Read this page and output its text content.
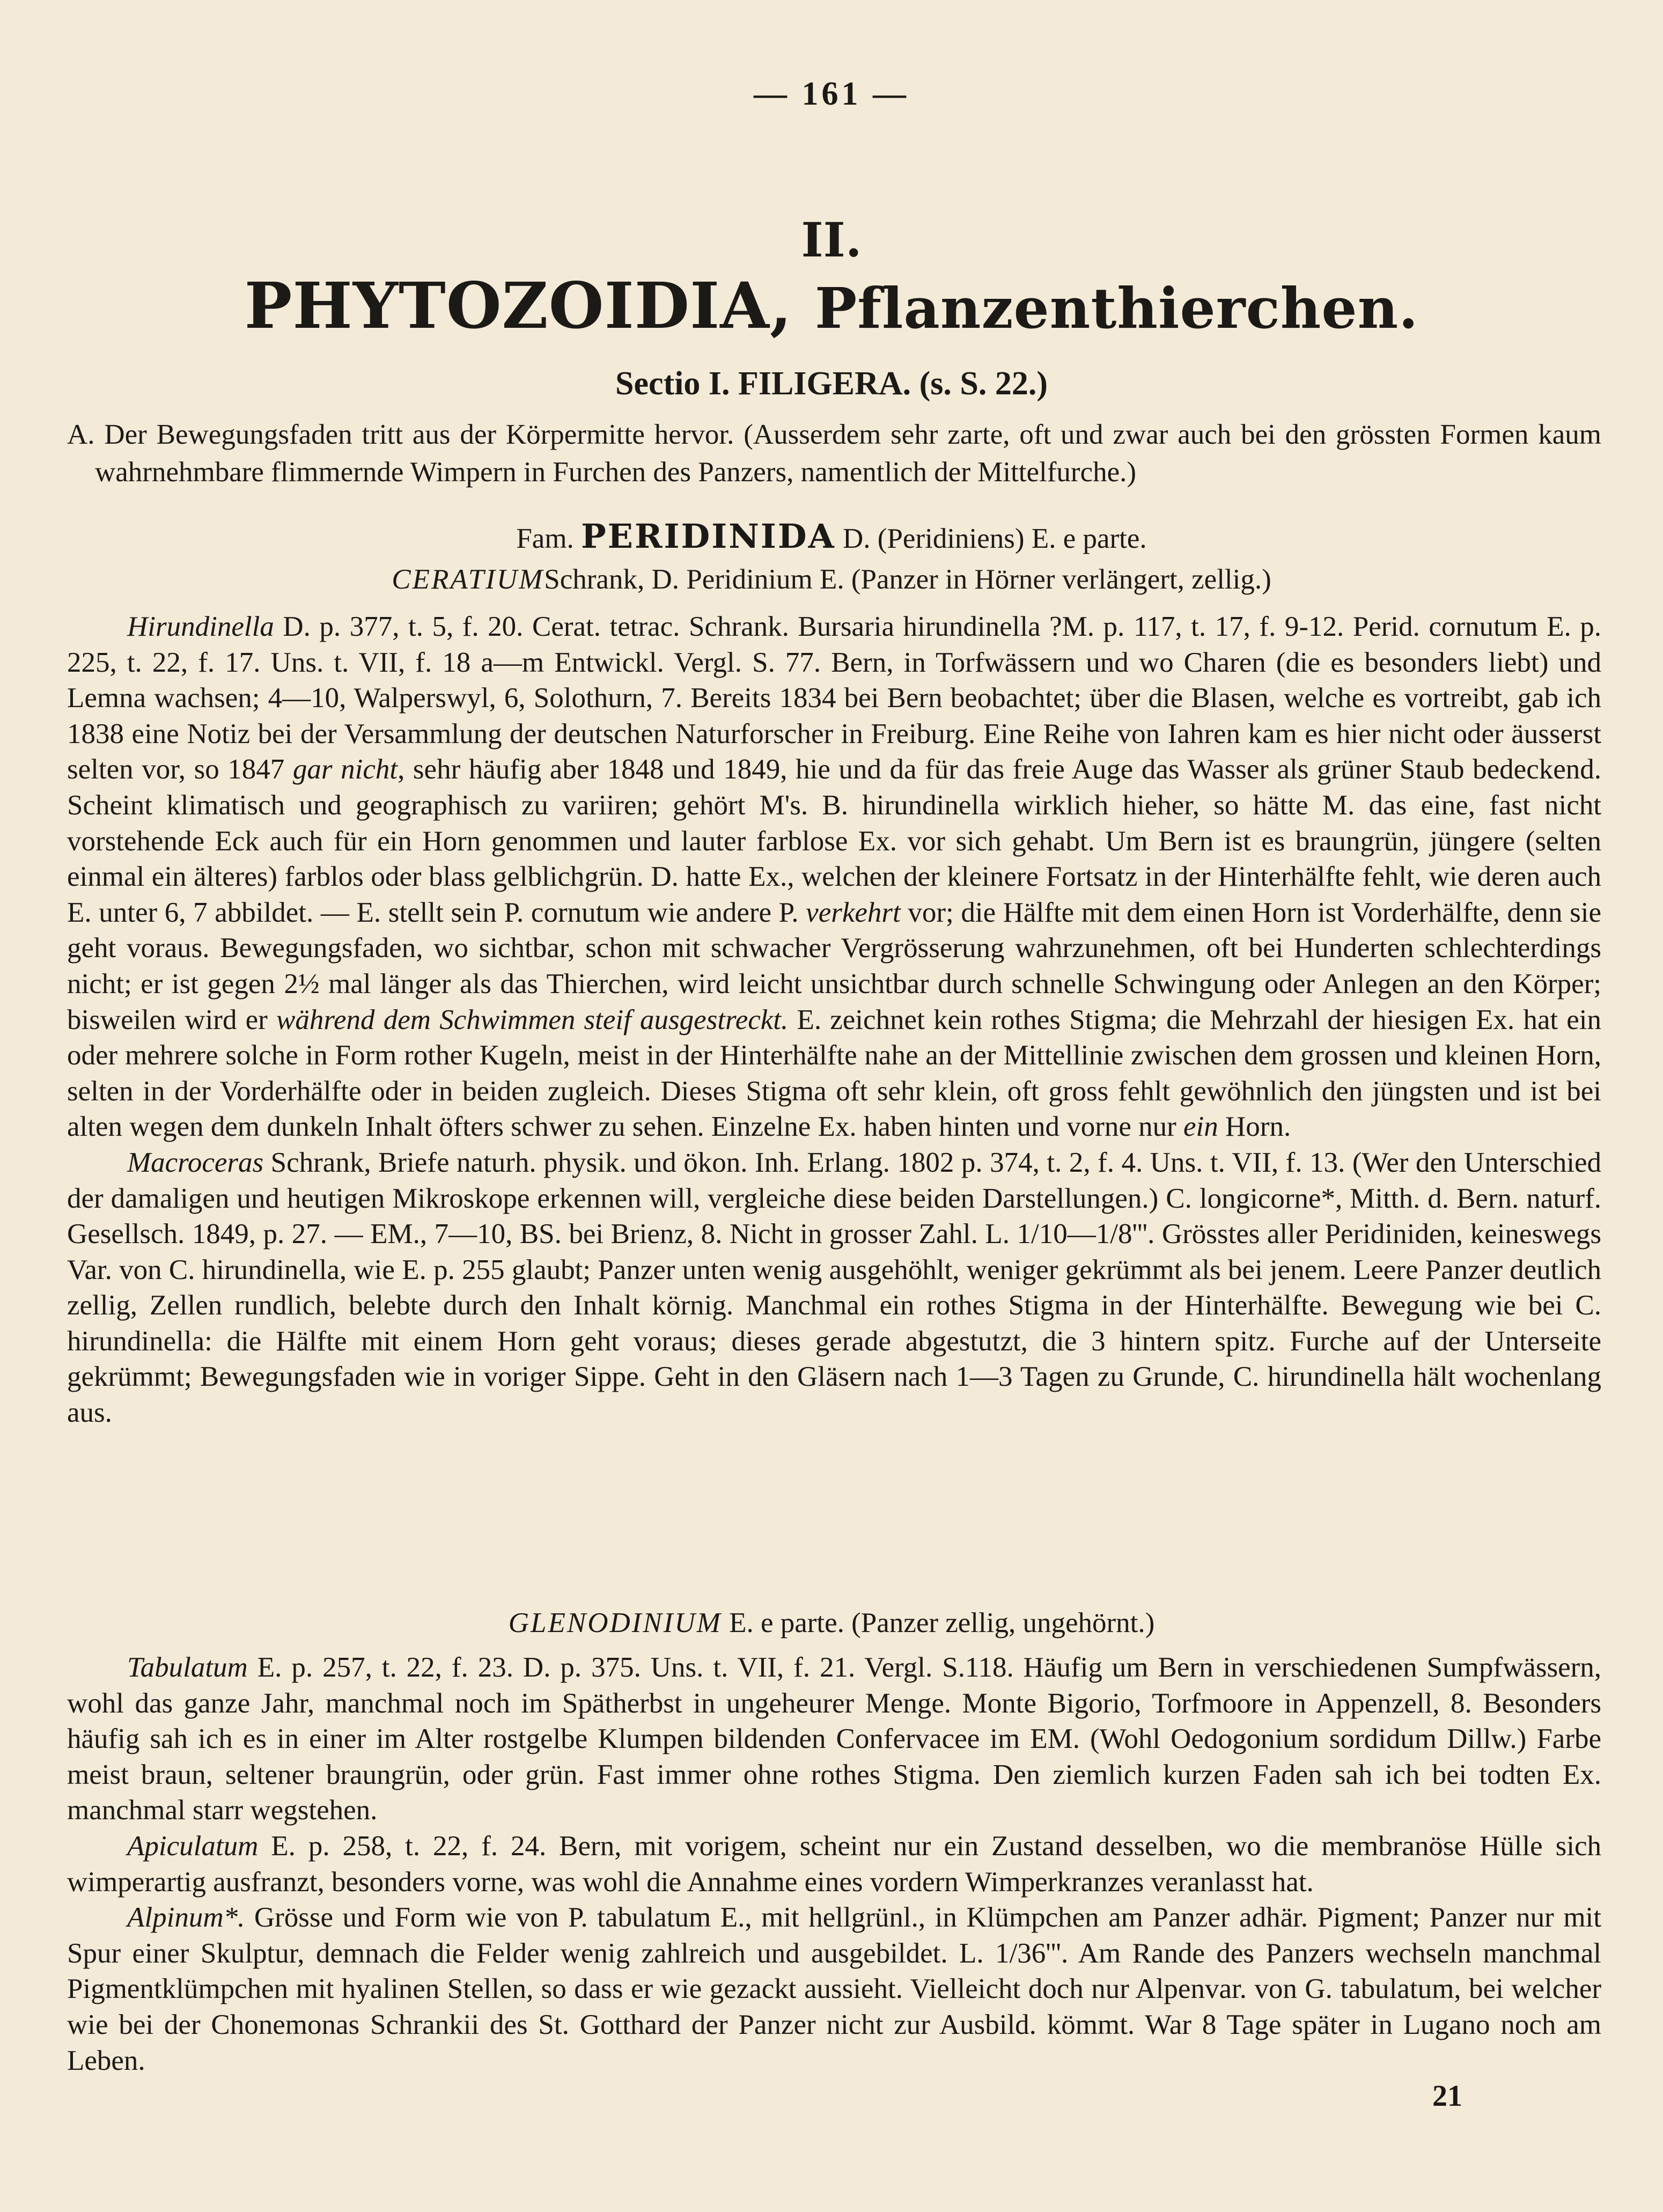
— 161 —
II.
PHYTOZOIDIA, Pflanzenthierchen.
Sectio I. FILIGERA. (s. S. 22.)
A. Der Bewegungsfaden tritt aus der Körpermitte hervor. (Ausserdem sehr zarte, oft und zwar auch bei den grössten Formen kaum wahrnehmbare flimmernde Wimpern in Furchen des Panzers, namentlich der Mittelfurche.)
Fam. PERIDINIDA D. (Peridiniens) E. e parte.
CERATIUMSchrank, D. Peridinium E. (Panzer in Hörner verlängert, zellig.)

Hirundinella D. p. 377, t. 5, f. 20. Cerat. tetrac. Schrank. Bursaria hirundinella ?M. p. 117, t. 17, f. 9-12. Perid. cornutum E. p. 225, t. 22, f. 17. Uns. t. VII, f. 18 a—m Entwickl. Vergl. S. 77. Bern, in Torfwässern und wo Charen (die es besonders liebt) und Lemna wachsen; 4—10, Walperswyl, 6, Solothurn, 7. Bereits 1834 bei Bern beobachtet; über die Blasen, welche es vortreibt, gab ich 1838 eine Notiz bei der Versammlung der deutschen Naturforscher in Freiburg. Eine Reihe von Iahren kam es hier nicht oder äusserst selten vor, so 1847 gar nicht, sehr häufig aber 1848 und 1849, hie und da für das freie Auge das Wasser als grüner Staub bedeckend. Scheint klimatisch und geographisch zu variiren; gehört M's. B. hirundinella wirklich hieher, so hätte M. das eine, fast nicht vorstehende Eck auch für ein Horn genommen und lauter farblose Ex. vor sich gehabt. Um Bern ist es braungrün, jüngere (selten einmal ein älteres) farblos oder blass gelblichgrün. D. hatte Ex., welchen der kleinere Fortsatz in der Hinterhälfte fehlt, wie deren auch E. unter 6, 7 abbildet. — E. stellt sein P. cornutum wie andere P. verkehrt vor; die Hälfte mit dem einen Horn ist Vorderhälfte, denn sie geht voraus. Bewegungsfaden, wo sichtbar, schon mit schwacher Vergrösserung wahrzunehmen, oft bei Hunderten schlechterdings nicht; er ist gegen 2½ mal länger als das Thierchen, wird leicht unsichtbar durch schnelle Schwingung oder Anlegen an den Körper; bisweilen wird er während dem Schwimmen steif ausgestreckt. E. zeichnet kein rothes Stigma; die Mehrzahl der hiesigen Ex. hat ein oder mehrere solche in Form rother Kugeln, meist in der Hinterhälfte nahe an der Mittellinie zwischen dem grossen und kleinen Horn, selten in der Vorderhälfte oder in beiden zugleich. Dieses Stigma oft sehr klein, oft gross fehlt gewöhnlich den jüngsten und ist bei alten wegen dem dunkeln Inhalt öfters schwer zu sehen. Einzelne Ex. haben hinten und vorne nur ein Horn.

Macroceras Schrank, Briefe naturh. physik. und ökon. Inh. Erlang. 1802 p. 374, t. 2, f. 4. Uns. t. VII, f. 13. (Wer den Unterschied der damaligen und heutigen Mikroskope erkennen will, vergleiche diese beiden Darstellungen.) C. longicorne*, Mitth. d. Bern. naturf. Gesellsch. 1849, p. 27. — EM., 7—10, BS. bei Brienz, 8. Nicht in grosser Zahl. L. 1/10—1/8'''. Grösstes aller Peridiniden, keineswegs Var. von C. hirundinella, wie E. p. 255 glaubt; Panzer unten wenig ausgehöhlt, weniger gekrümmt als bei jenem. Leere Panzer deutlich zellig, Zellen rundlich, belebte durch den Inhalt körnig. Manchmal ein rothes Stigma in der Hinterhälfte. Bewegung wie bei C. hirundinella: die Hälfte mit einem Horn geht voraus; dieses gerade abgestutzt, die 3 hintern spitz. Furche auf der Unterseite gekrümmt; Bewegungsfaden wie in voriger Sippe. Geht in den Gläsern nach 1—3 Tagen zu Grunde, C. hirundinella hält wochenlang aus.

GLENODINIUM E. e parte. (Panzer zellig, ungehörnt.)

Tabulatum E. p. 257, t. 22, f. 23. D. p. 375. Uns. t. VII, f. 21. Vergl. S.118. Häufig um Bern in verschiedenen Sumpfwässern, wohl das ganze Jahr, manchmal noch im Spätherbst in ungeheurer Menge. Monte Bigorio, Torfmoore in Appenzell, 8. Besonders häufig sah ich es in einer im Alter rostgelbe Klumpen bildenden Confervacee im EM. (Wohl Oedogonium sordidum Dillw.) Farbe meist braun, seltener braungrün, oder grün. Fast immer ohne rothes Stigma. Den ziemlich kurzen Faden sah ich bei todten Ex. manchmal starr wegstehen.

Apiculatum E. p. 258, t. 22, f. 24. Bern, mit vorigem, scheint nur ein Zustand desselben, wo die membranöse Hülle sich wimperartig ausfranzt, besonders vorne, was wohl die Annahme eines vordern Wimperkranzes veranlasst hat.

Alpinum*. Grösse und Form wie von P. tabulatum E., mit hellgrünl., in Klümpchen am Panzer adhär. Pigment; Panzer nur mit Spur einer Skulptur, demnach die Felder wenig zahlreich und ausgebildet. L. 1/36'''. Am Rande des Panzers wechseln manchmal Pigmentklümpchen mit hyalinen Stellen, so dass er wie gezackt aussieht. Vielleicht doch nur Alpenvar. von G. tabulatum, bei welcher wie bei der Chonemonas Schrankii des St. Gotthard der Panzer nicht zur Ausbild. kömmt. War 8 Tage später in Lugano noch am Leben.

21
